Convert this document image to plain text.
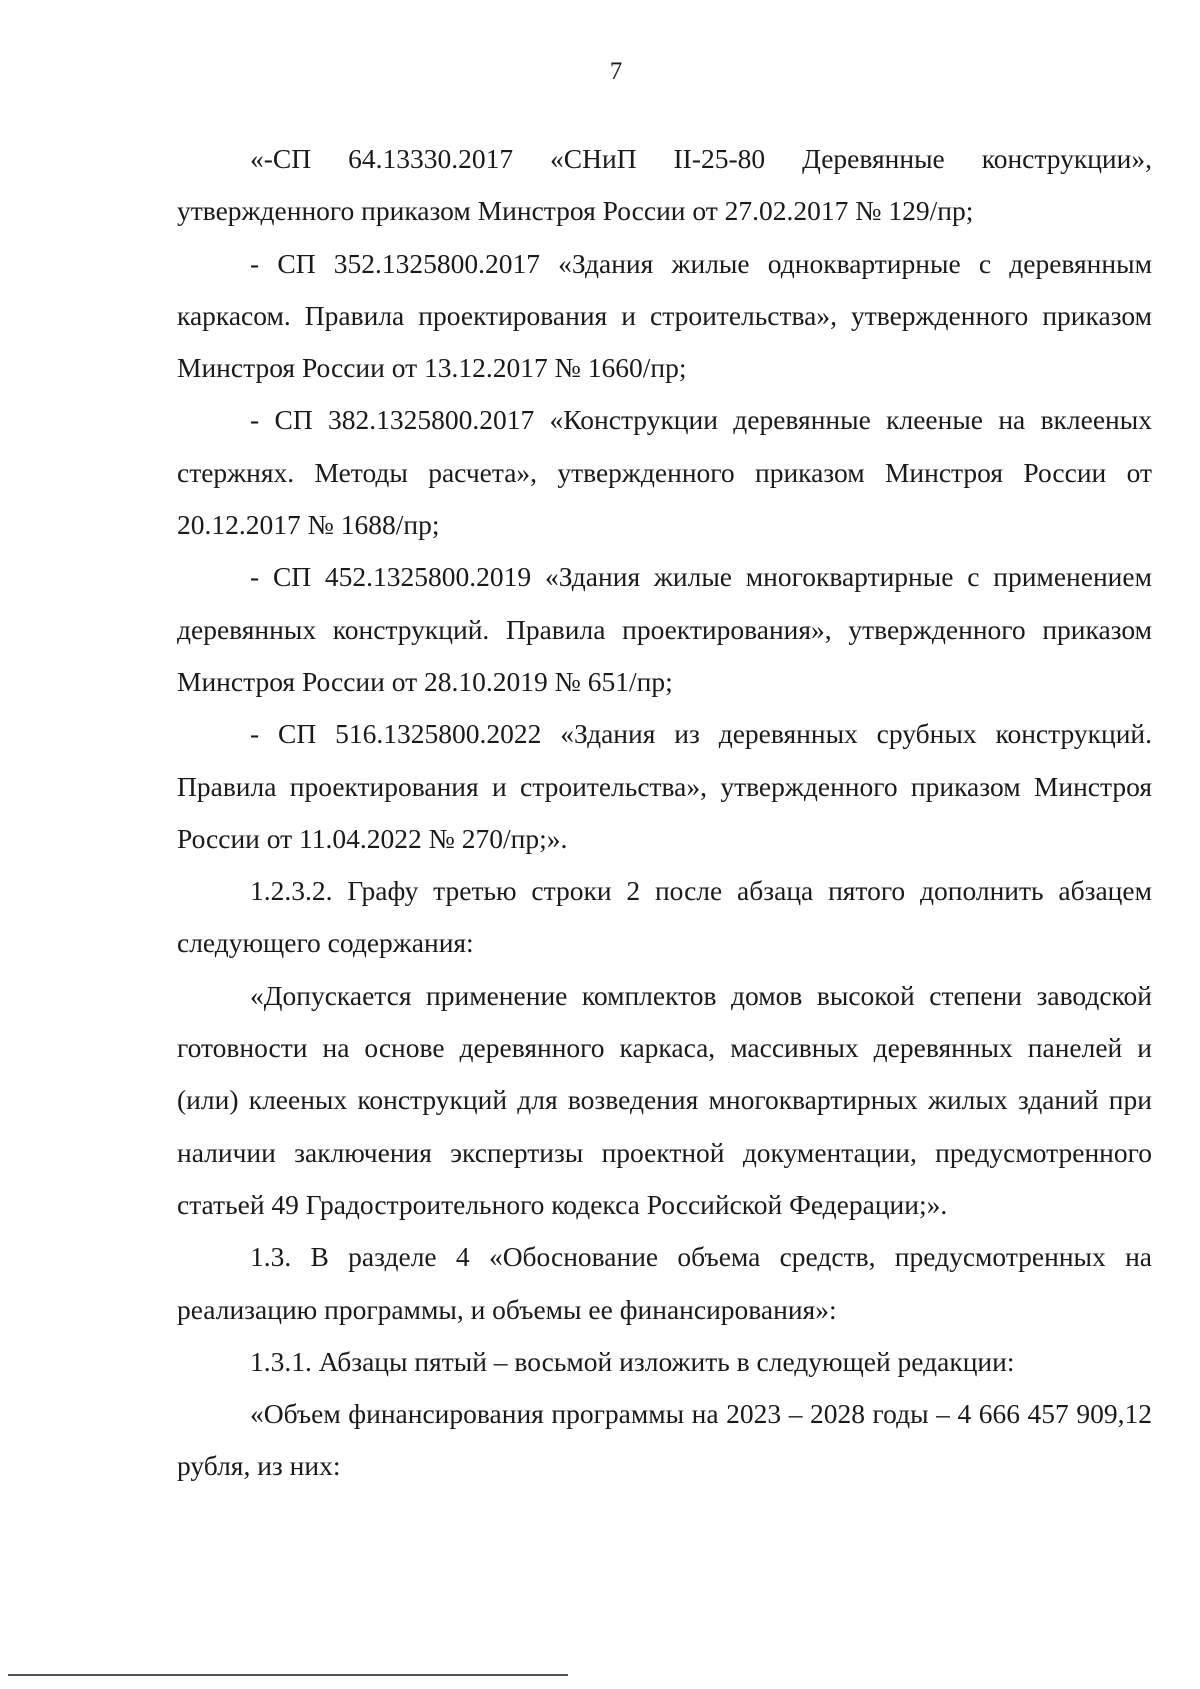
7

«-СП 64.13330.2017 «СНиП II-25-80 Деревянные конструкции», утвержденного приказом Минстроя России от 27.02.2017 № 129/пр;

- СП 352.1325800.2017 «Здания жилые одноквартирные с деревянным каркасом. Правила проектирования и строительства», утвержденного приказом Минстроя России от 13.12.2017 № 1660/пр;

- СП 382.1325800.2017 «Конструкции деревянные клееные на вклееных стержнях. Методы расчета», утвержденного приказом Минстроя России от 20.12.2017 № 1688/пр;

- СП 452.1325800.2019 «Здания жилые многоквартирные с применением деревянных конструкций. Правила проектирования», утвержденного приказом Минстроя России от 28.10.2019 № 651/пр;

- СП 516.1325800.2022 «Здания из деревянных срубных конструкций. Правила проектирования и строительства», утвержденного приказом Минстроя России от 11.04.2022 № 270/пр;».

1.2.3.2. Графу третью строки 2 после абзаца пятого дополнить абзацем следующего содержания:

«Допускается применение комплектов домов высокой степени заводской готовности на основе деревянного каркаса, массивных деревянных панелей и (или) клееных конструкций для возведения многоквартирных жилых зданий при наличии заключения экспертизы проектной документации, предусмотренного статьей 49 Градостроительного кодекса Российской Федерации;».

1.3. В разделе 4 «Обоснование объема средств, предусмотренных на реализацию программы, и объемы ее финансирования»:

1.3.1. Абзацы пятый – восьмой изложить в следующей редакции:

«Объем финансирования программы на 2023 – 2028 годы – 4 666 457 909,12 рубля, из них:
